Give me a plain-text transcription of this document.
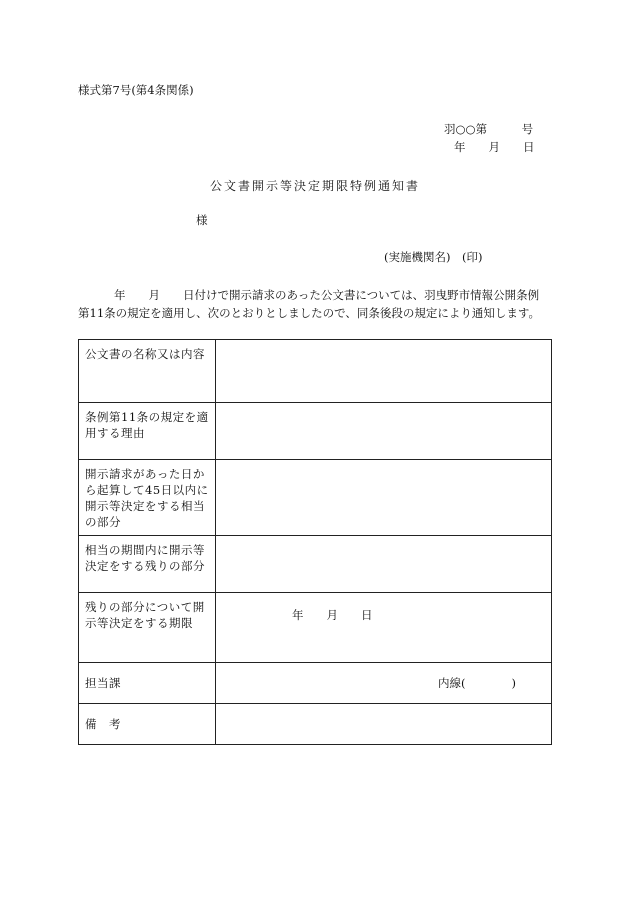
様式第7号(第4条関係)
羽○○第　　　号
年　　月　　日
公文書開示等決定期限特例通知書
様
(実施機関名)　(印)

年　　月　　日付けで開示請求のあった公文書については、羽曳野市情報公開条例

第11条の規定を適用し、次のとおりとしましたので、同条後段の規定により通知します。

公文書の名称又は内容	
条例第11条の規定を適用する理由	
開示請求があった日から起算して45日以内に開示等決定をする相当の部分	
相当の期間内に開示等決定をする残りの部分	
残りの部分について開示等決定をする期限	年　　月　　日

担当課	内線(　　　　)

備　考	
